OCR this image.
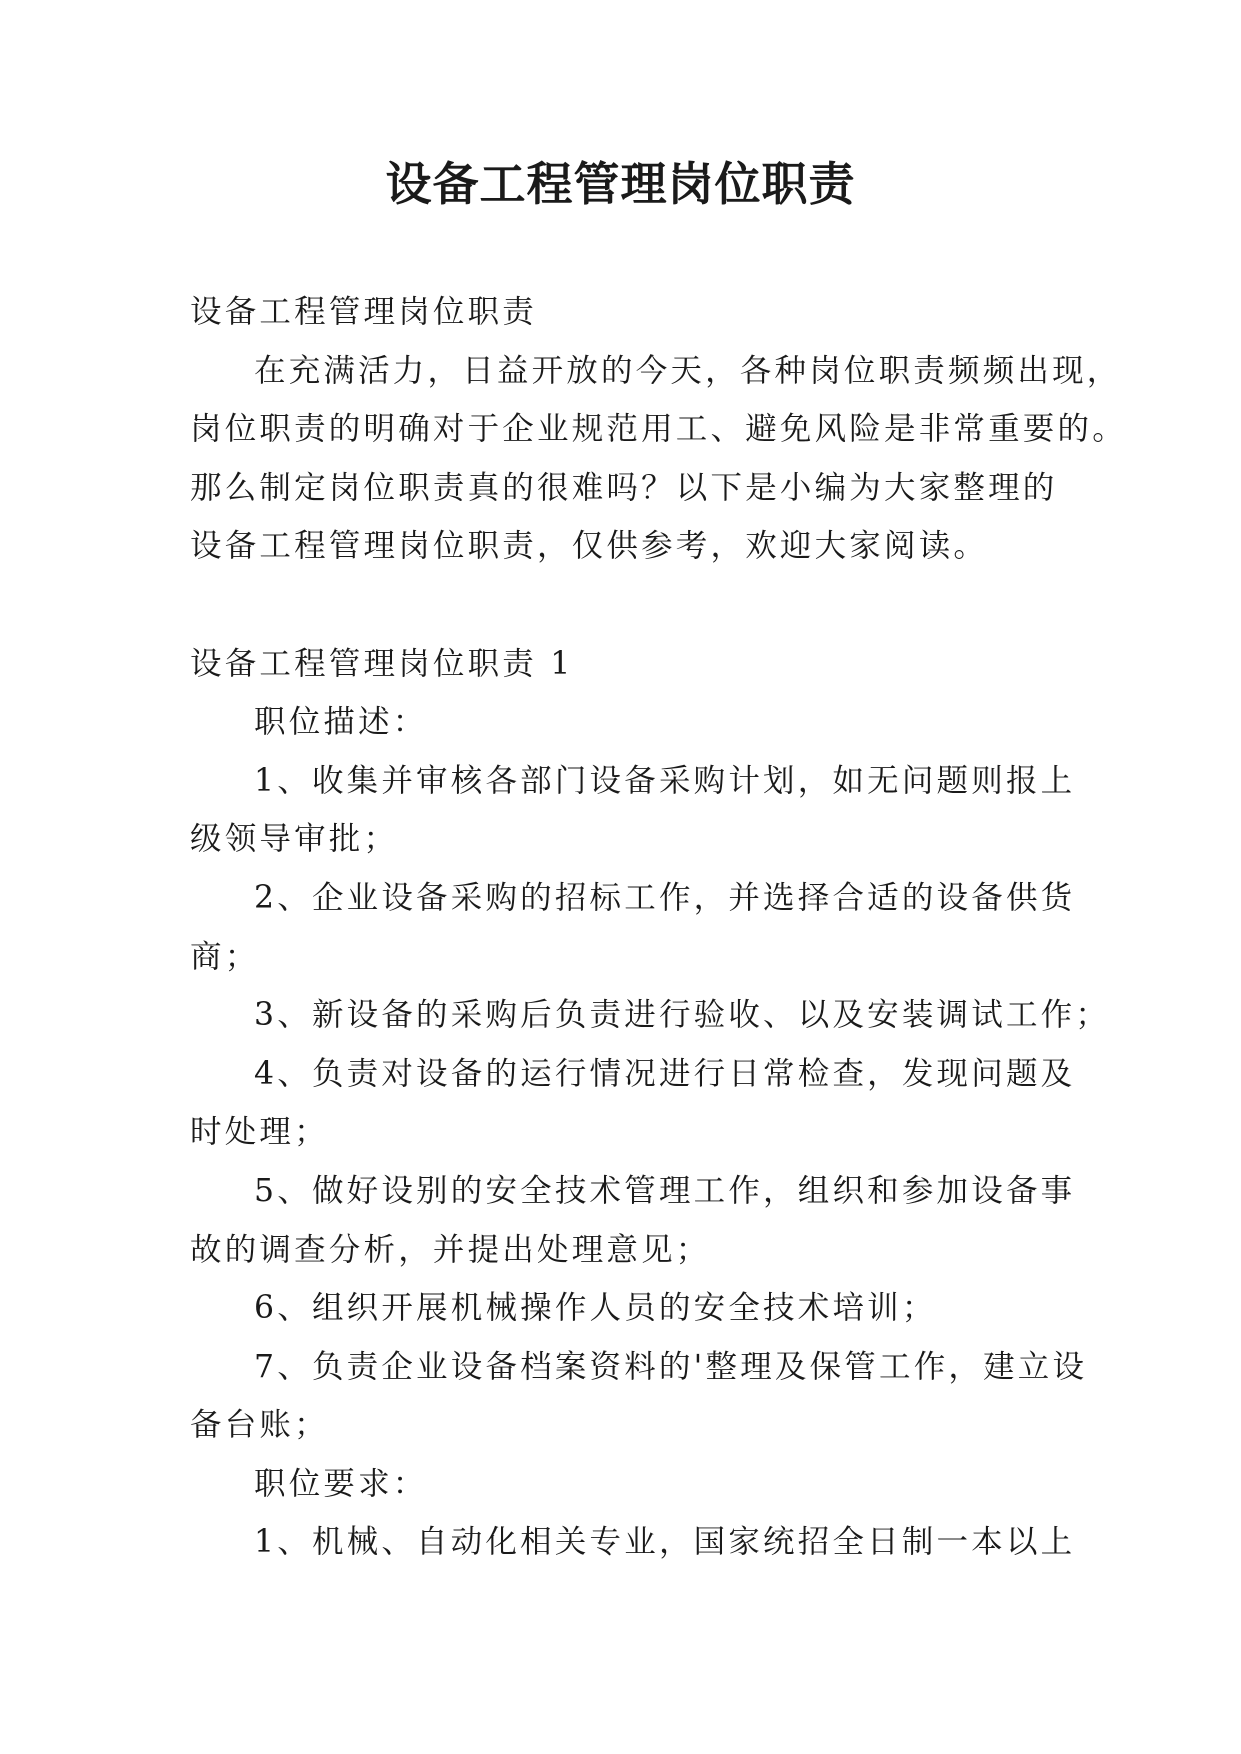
设备工程管理岗位职责
设备工程管理岗位职责
在充满活力，日益开放的今天，各种岗位职责频频出现，
岗位职责的明确对于企业规范用工、避免风险是非常重要的。
那么制定岗位职责真的很难吗？以下是小编为大家整理的
设备工程管理岗位职责，仅供参考，欢迎大家阅读。
设备工程管理岗位职责 1
职位描述：
1、收集并审核各部门设备采购计划，如无问题则报上
级领导审批；
2、企业设备采购的招标工作，并选择合适的设备供货
商；
3、新设备的采购后负责进行验收、以及安装调试工作；
4、负责对设备的运行情况进行日常检查，发现问题及
时处理；
5、做好设别的安全技术管理工作，组织和参加设备事
故的调查分析，并提出处理意见；
6、组织开展机械操作人员的安全技术培训；
7、负责企业设备档案资料的'整理及保管工作，建立设
备台账；
职位要求：
1、机械、自动化相关专业，国家统招全日制一本以上
